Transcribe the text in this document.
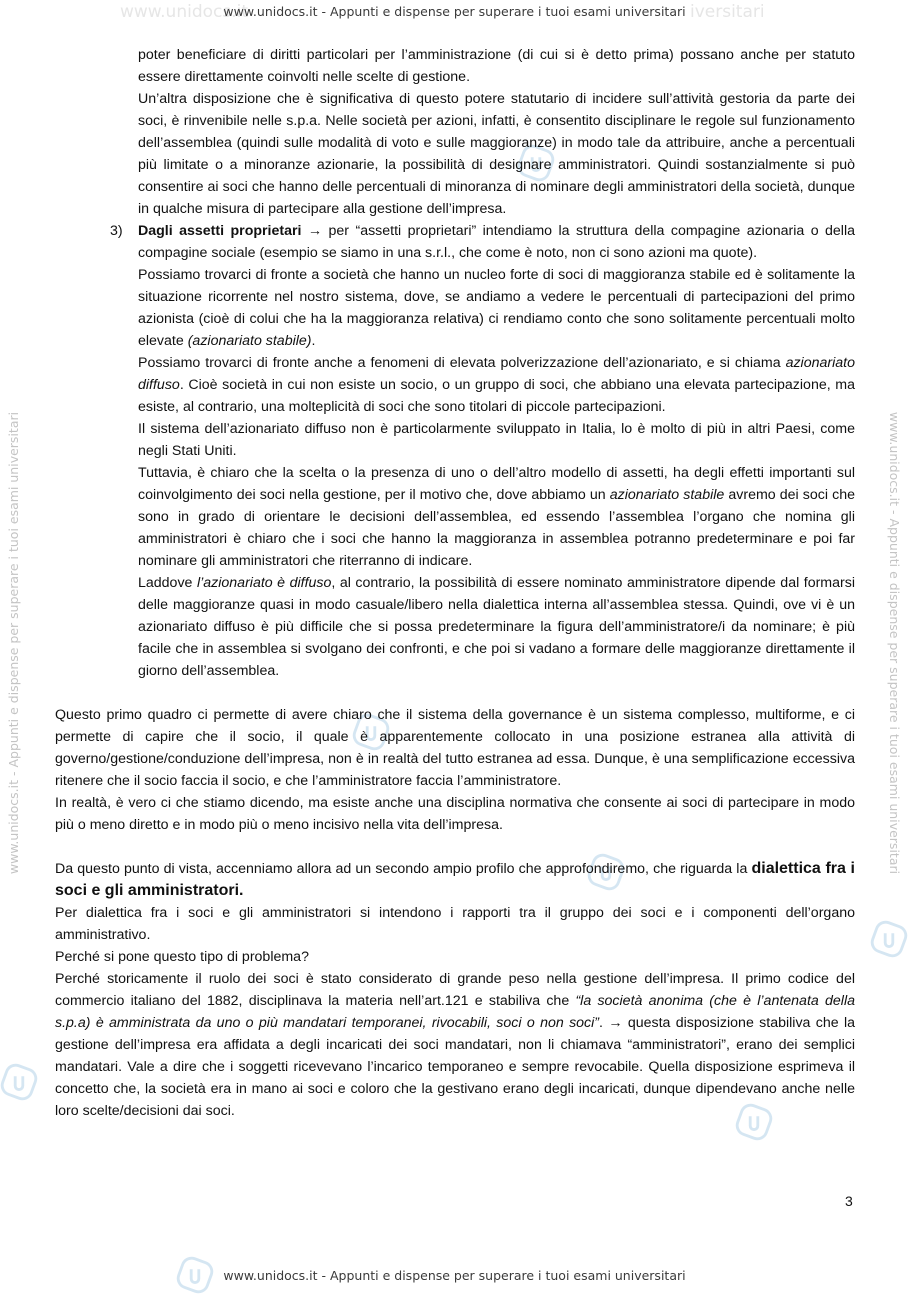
www.unidocs.it	iversitari
www.unidocs.it - Appunti e dispense per superare i tuoi esami universitari
www.unidocs.it - Appunti e dispense per superare i tuoi esami universitari	www.unidocs.it - Appunti e dispense per superare i tuoi esami universitari

poter beneficiare di diritti particolari per l’amministrazione (di cui si è detto prima) possano anche per statuto essere direttamente coinvolti nelle scelte di gestione.

Un’altra disposizione che è significativa di questo potere statutario di incidere sull’attività gestoria da parte dei soci, è rinvenibile nelle s.p.a. Nelle società per azioni, infatti, è consentito disciplinare le regole sul funzionamento dell’assemblea (quindi sulle modalità di voto e sulle maggioranze) in modo tale da attribuire, anche a percentuali più limitate o a minoranze azionarie, la possibilità di designare amministratori. Quindi sostanzialmente si può consentire ai soci che hanno delle percentuali di minoranza di nominare degli amministratori della società, dunque in qualche misura di partecipare alla gestione dell’impresa.

3)	Dagli assetti proprietari → per “assetti proprietari” intendiamo la struttura della compagine azionaria o della compagine sociale (esempio se siamo in una s.r.l., che come è noto, non ci sono azioni ma quote).

Possiamo trovarci di fronte a società che hanno un nucleo forte di soci di maggioranza stabile ed è solitamente la situazione ricorrente nel nostro sistema, dove, se andiamo a vedere le percentuali di partecipazioni del primo azionista (cioè di colui che ha la maggioranza relativa) ci rendiamo conto che sono solitamente percentuali molto elevate (azionariato stabile).

Possiamo trovarci di fronte anche a fenomeni di elevata polverizzazione dell’azionariato, e si chiama azionariato diffuso. Cioè società in cui non esiste un socio, o un gruppo di soci, che abbiano una elevata partecipazione, ma esiste, al contrario, una molteplicità di soci che sono titolari di piccole partecipazioni.

Il sistema dell’azionariato diffuso non è particolarmente sviluppato in Italia, lo è molto di più in altri Paesi, come negli Stati Uniti.

Tuttavia, è chiaro che la scelta o la presenza di uno o dell’altro modello di assetti, ha degli effetti importanti sul coinvolgimento dei soci nella gestione, per il motivo che, dove abbiamo un azionariato stabile avremo dei soci che sono in grado di orientare le decisioni dell’assemblea, ed essendo l’assemblea l’organo che nomina gli amministratori è chiaro che i soci che hanno la maggioranza in assemblea potranno predeterminare e poi far nominare gli amministratori che riterranno di indicare.

Laddove l’azionariato è diffuso, al contrario, la possibilità di essere nominato amministratore dipende dal formarsi delle maggioranze quasi in modo casuale/libero nella dialettica interna all’assemblea stessa. Quindi, ove vi è un azionariato diffuso è più difficile che si possa predeterminare la figura dell’amministratore/i da nominare; è più facile che in assemblea si svolgano dei confronti, e che poi si vadano a formare delle maggioranze direttamente il giorno dell’assemblea.

Questo primo quadro ci permette di avere chiaro che il sistema della governance è un sistema complesso, multiforme, e ci permette di capire che il socio, il quale è apparentemente collocato in una posizione estranea alla attività di governo/gestione/conduzione dell’impresa, non è in realtà del tutto estranea ad essa. Dunque, è una semplificazione eccessiva ritenere che il socio faccia il socio, e che l’amministratore faccia l’amministratore.

In realtà, è vero ci che stiamo dicendo, ma esiste anche una disciplina normativa che consente ai soci di partecipare in modo più o meno diretto e in modo più o meno incisivo nella vita dell’impresa.

Da questo punto di vista, accenniamo allora ad un secondo ampio profilo che approfondiremo, che riguarda la dialettica fra i soci e gli amministratori.

Per dialettica fra i soci e gli amministratori si intendono i rapporti tra il gruppo dei soci e i componenti dell’organo amministrativo.

Perché si pone questo tipo di problema?

Perché storicamente il ruolo dei soci è stato considerato di grande peso nella gestione dell’impresa. Il primo codice del commercio italiano del 1882, disciplinava la materia nell’art.121 e stabiliva che “la società anonima (che è l’antenata della s.p.a) è amministrata da uno o più mandatari temporanei, rivocabili, soci o non soci”. → questa disposizione stabiliva che la gestione dell’impresa era affidata a degli incaricati dei soci mandatari, non li chiamava “amministratori”, erano dei semplici mandatari. Vale a dire che i soggetti ricevevano l’incarico temporaneo e sempre revocabile. Quella disposizione esprimeva il concetto che, la società era in mano ai soci e coloro che la gestivano erano degli incaricati, dunque dipendevano anche nelle loro scelte/decisioni dai soci.

3
www.unidocs.it - Appunti e dispense per superare i tuoi esami universitari
